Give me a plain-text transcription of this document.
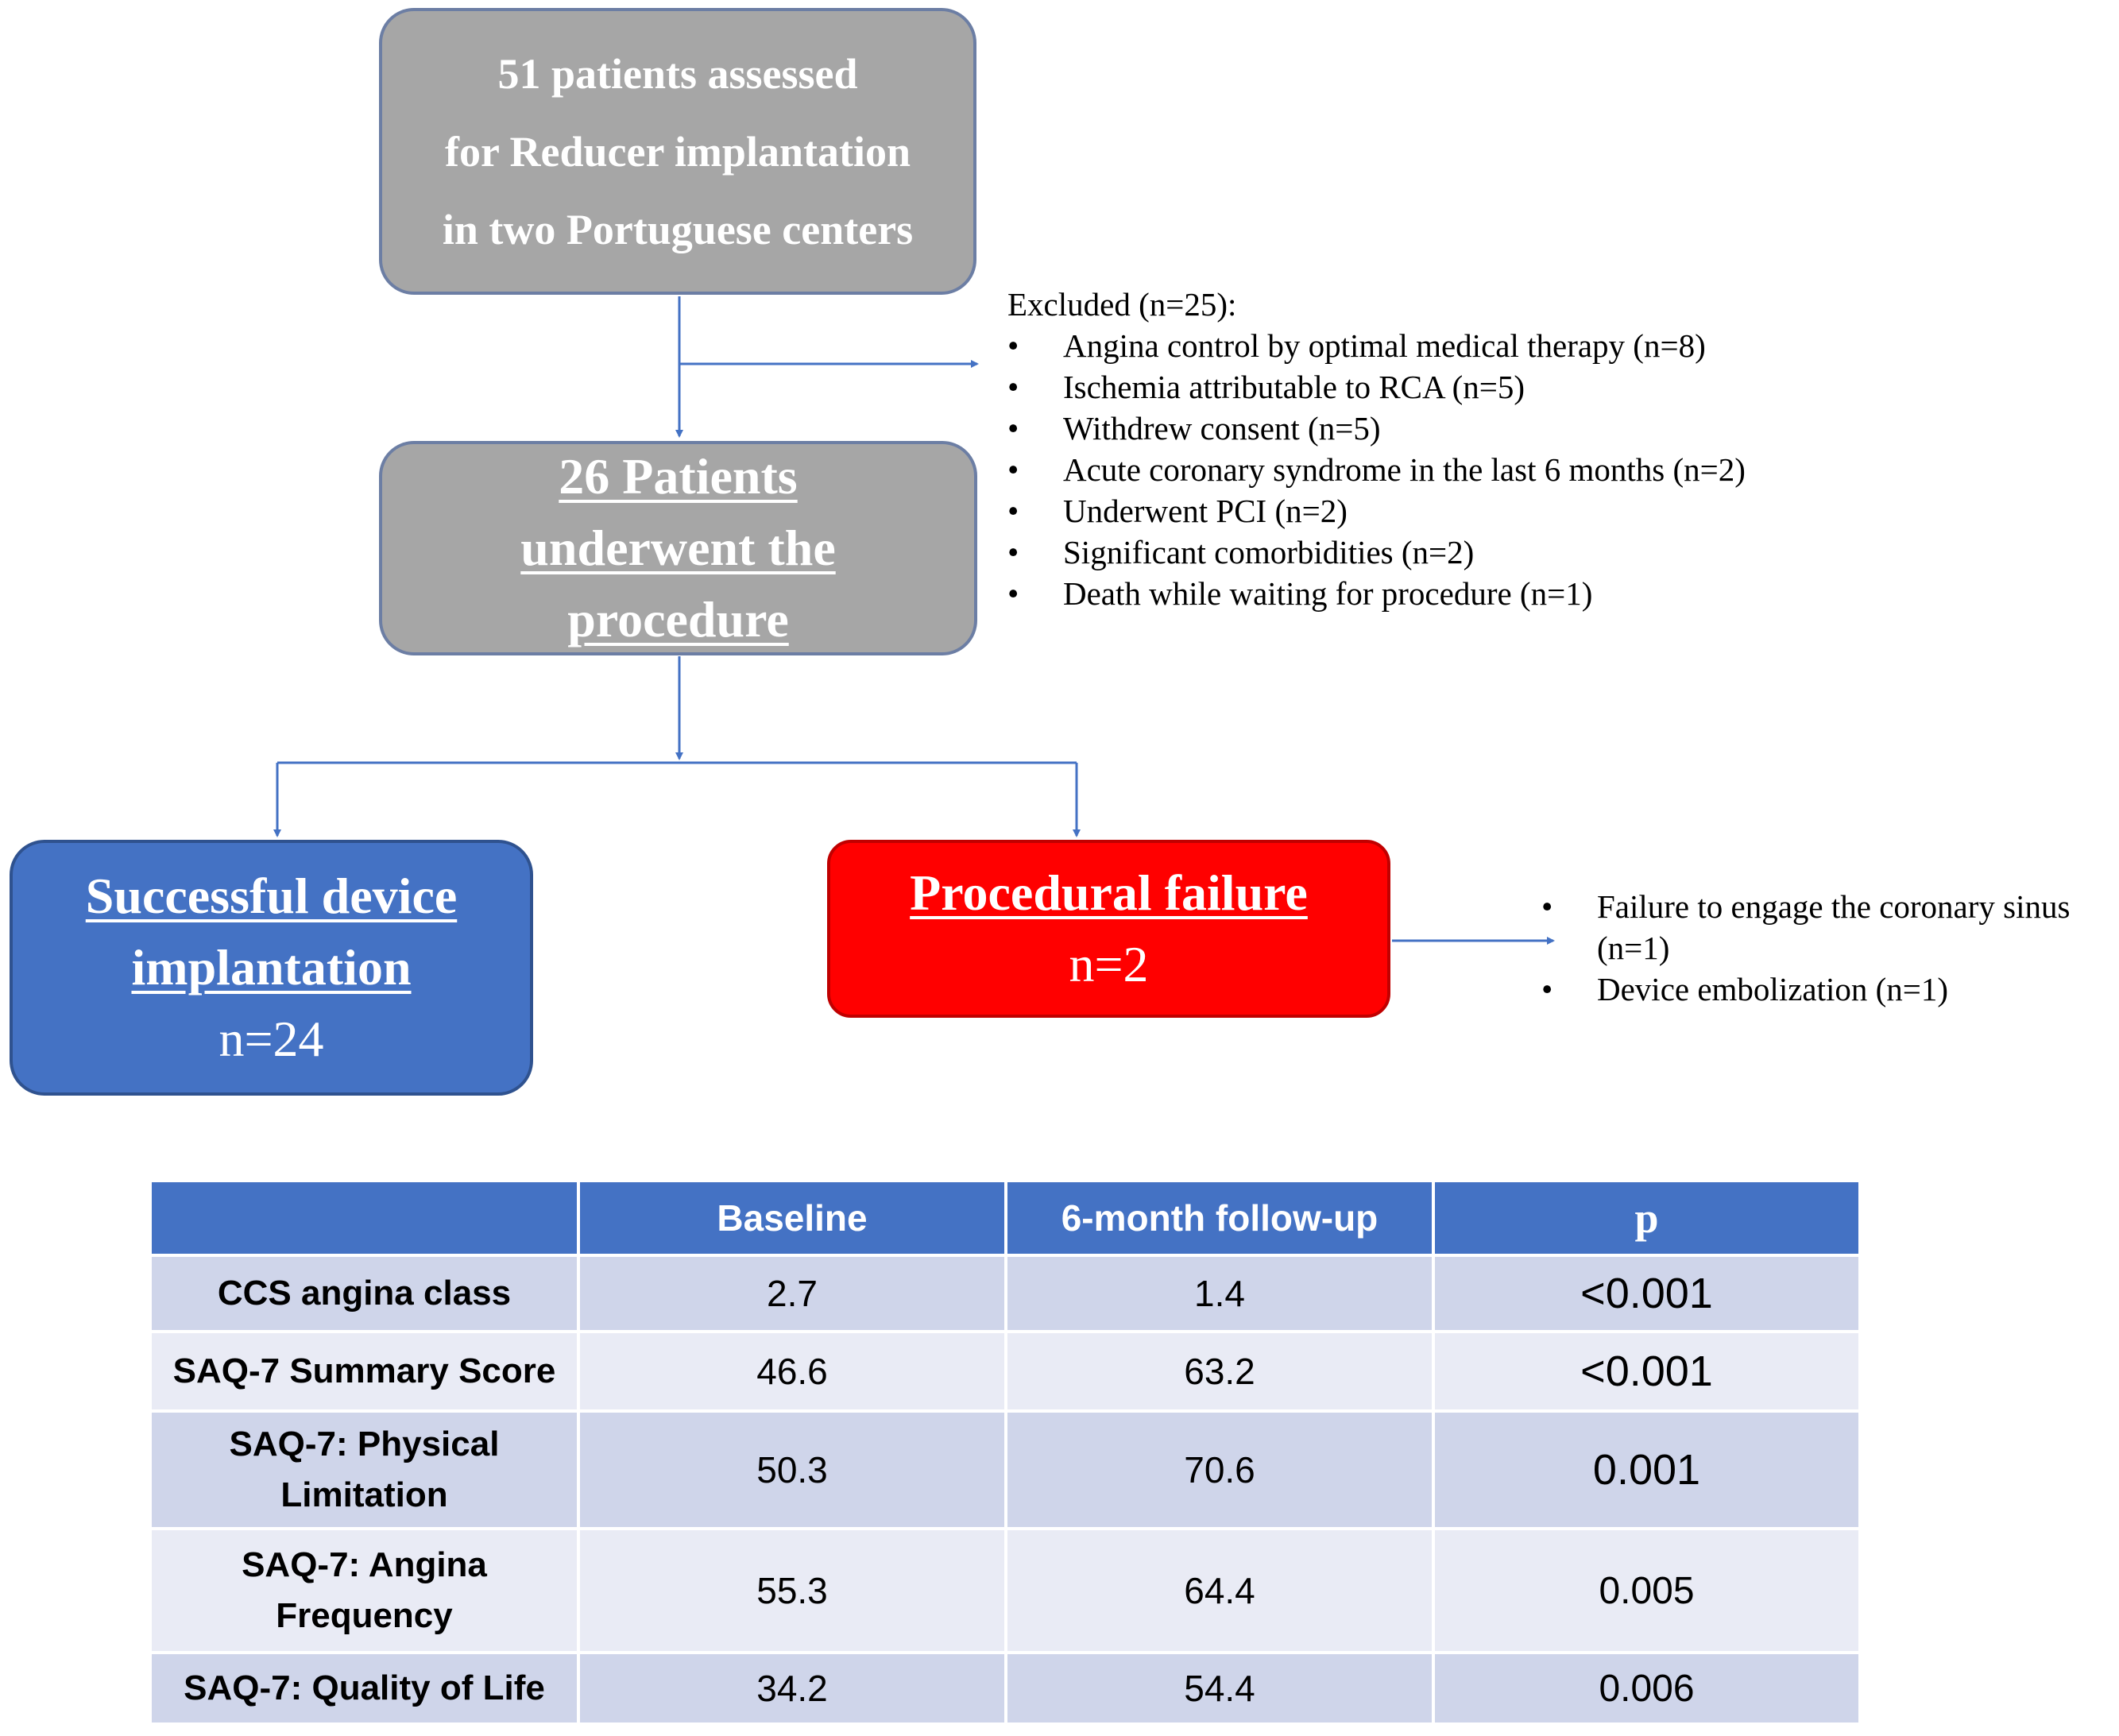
51 patients assessed
for Reducer implantation
in two Portuguese centers
Excluded (n=25):
• Angina control by optimal medical therapy (n=8)
• Ischemia attributable to RCA (n=5)
• Withdrew consent (n=5)
• Acute coronary syndrome in the last 6 months (n=2)
• Underwent PCI (n=2)
• Significant comorbidities (n=2)
• Death while waiting for procedure (n=1)
26 Patients
underwent the
procedure
Successful device
implantation
n=24
Procedural failure
n=2
• Failure to engage the coronary sinus (n=1)
• Device embolization (n=1)
	Baseline	6-month follow-up	p
CCS angina class	2.7	1.4	<0.001
SAQ-7 Summary Score	46.6	63.2	<0.001
SAQ-7: Physical Limitation	50.3	70.6	0.001
SAQ-7: Angina Frequency	55.3	64.4	0.005
SAQ-7: Quality of Life	34.2	54.4	0.006
